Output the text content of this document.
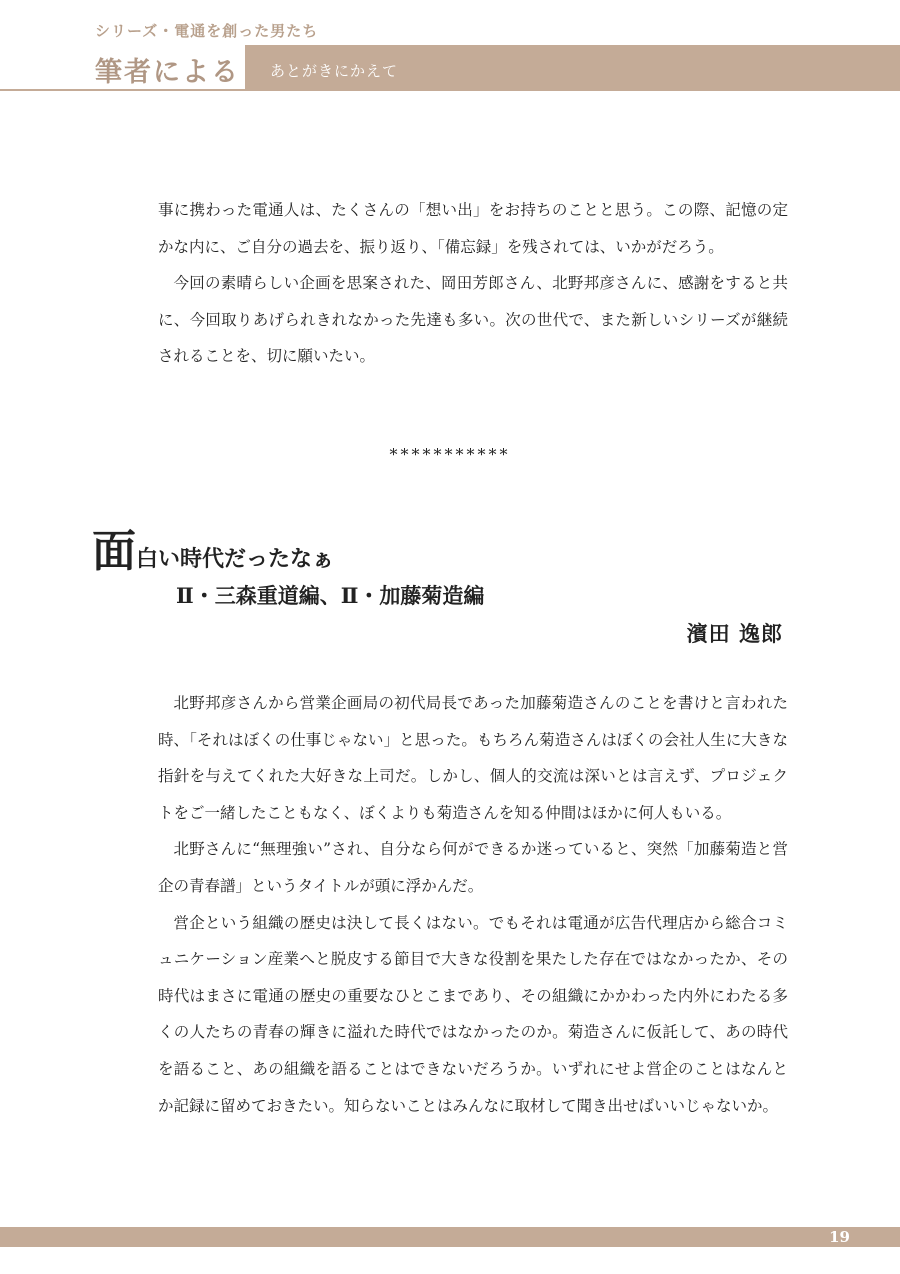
シリーズ・電通を創った男たち
筆者による あとがきにかえて

事に携わった電通人は、たくさんの「想い出」をお持ちのことと思う。この際、記憶の定かな内に、ご自分の過去を、振り返り、「備忘録」を残されては、いかがだろう。

今回の素晴らしい企画を思案された、岡田芳郎さん、北野邦彦さんに、感謝をすると共に、今回取りあげられきれなかった先達も多い。次の世代で、また新しいシリーズが継続されることを、切に願いたい。

***********
面白い時代だったなぁ
Ⅱ・三森重道編、Ⅱ・加藤菊造編
濱田 逸郎

北野邦彦さんから営業企画局の初代局長であった加藤菊造さんのことを書けと言われた時、「それはぼくの仕事じゃない」と思った。もちろん菊造さんはぼくの会社人生に大きな指針を与えてくれた大好きな上司だ。しかし、個人的交流は深いとは言えず、プロジェクトをご一緒したこともなく、ぼくよりも菊造さんを知る仲間はほかに何人もいる。

北野さんに“無理強い”され、自分なら何ができるか迷っていると、突然「加藤菊造と営企の青春譜」というタイトルが頭に浮かんだ。

営企という組織の歴史は決して長くはない。でもそれは電通が広告代理店から総合コミュニケーション産業へと脱皮する節目で大きな役割を果たした存在ではなかったか、その時代はまさに電通の歴史の重要なひとこまであり、その組織にかかわった内外にわたる多くの人たちの青春の輝きに溢れた時代ではなかったのか。菊造さんに仮託して、あの時代を語ること、あの組織を語ることはできないだろうか。いずれにせよ営企のことはなんとか記録に留めておきたい。知らないことはみんなに取材して聞き出せばいいじゃないか。

19
